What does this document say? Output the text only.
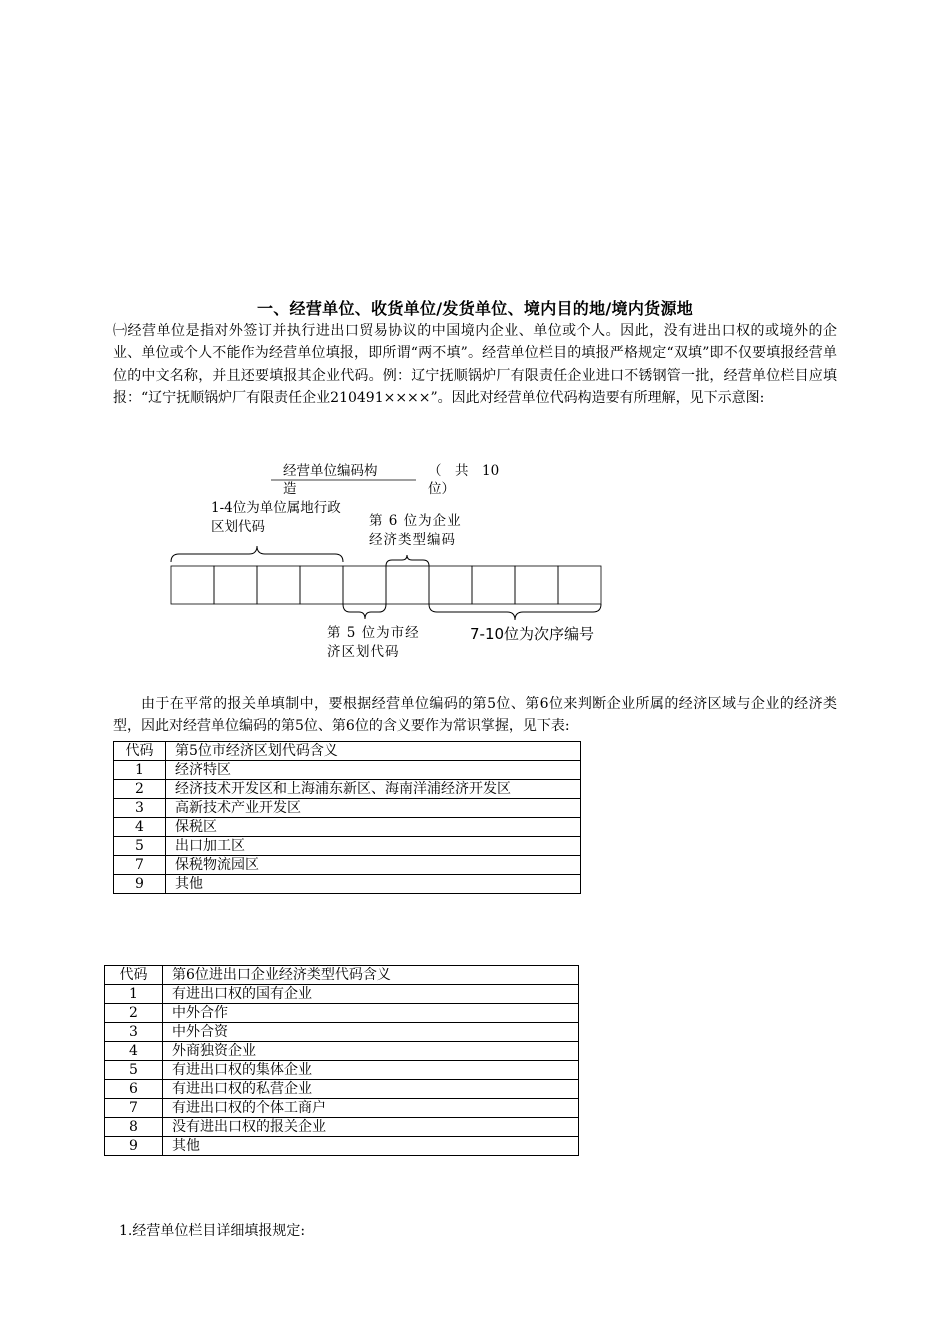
一、经营单位、收货单位/发货单位、境内目的地/境内货源地
㈠经营单位是指对外签订并执行进出口贸易协议的中国境内企业、单位或个人。因此，没有进出口权的或境外的企业、单位或个人不能作为经营单位填报，即所谓“两不填”。经营单位栏目的填报严格规定“双填”即不仅要填报经营单位的中文名称，并且还要填报其企业代码。例：辽宁抚顺锅炉厂有限责任企业进口不锈钢管一批，经营单位栏目应填报：“辽宁抚顺锅炉厂有限责任企业210491××××”。因此对经营单位代码构造要有所理解，见下示意图:
经营单位编码构
造
（　共　10
位）
1-4位为单位属地行政区划代码	第 6 位为企业经济类型编码
第 5 位为市经济区划代码
7-10位为次序编号
由于在平常的报关单填制中，要根据经营单位编码的第5位、第6位来判断企业所属的经济区域与企业的经济类型，因此对经营单位编码的第5位、第6位的含义要作为常识掌握，见下表:
代码	第5位市经济区划代码含义
1	经济特区
2	经济技术开发区和上海浦东新区、海南洋浦经济开发区
3	高新技术产业开发区
4	保税区
5	出口加工区
7	保税物流园区
9	其他
代码	第6位进出口企业经济类型代码含义
1	有进出口权的国有企业
2	中外合作
3	中外合资
4	外商独资企业
5	有进出口权的集体企业
6	有进出口权的私营企业
7	有进出口权的个体工商户
8	没有进出口权的报关企业
9	其他
1.经营单位栏目详细填报规定:
